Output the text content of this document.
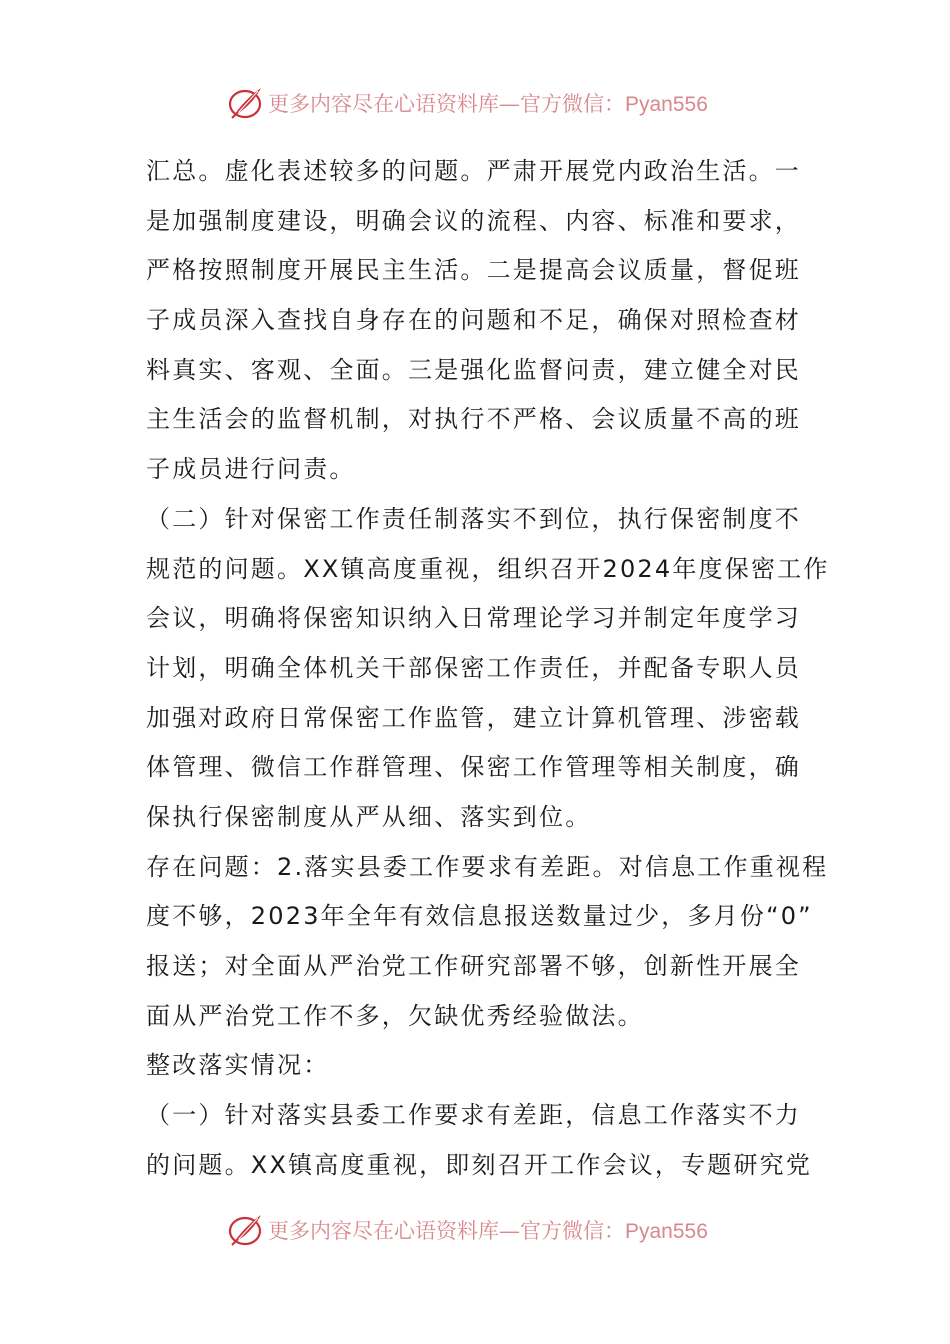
更多内容尽在心语资料库—官方微信：Pyan556
汇总。虚化表述较多的问题。严肃开展党内政治生活。一
是加强制度建设，明确会议的流程、内容、标准和要求，
严格按照制度开展民主生活。二是提高会议质量，督促班
子成员深入查找自身存在的问题和不足，确保对照检查材
料真实、客观、全面。三是强化监督问责，建立健全对民
主生活会的监督机制，对执行不严格、会议质量不高的班
子成员进行问责。
（二）针对保密工作责任制落实不到位，执行保密制度不
规范的问题。XX镇高度重视，组织召开2024年度保密工作
会议，明确将保密知识纳入日常理论学习并制定年度学习
计划，明确全体机关干部保密工作责任，并配备专职人员
加强对政府日常保密工作监管，建立计算机管理、涉密载
体管理、微信工作群管理、保密工作管理等相关制度，确
保执行保密制度从严从细、落实到位。
存在问题：2.落实县委工作要求有差距。对信息工作重视程
度不够，2023年全年有效信息报送数量过少，多月份“0”
报送；对全面从严治党工作研究部署不够，创新性开展全
面从严治党工作不多，欠缺优秀经验做法。
整改落实情况：
（一）针对落实县委工作要求有差距，信息工作落实不力
的问题。XX镇高度重视，即刻召开工作会议，专题研究党
更多内容尽在心语资料库—官方微信：Pyan556
